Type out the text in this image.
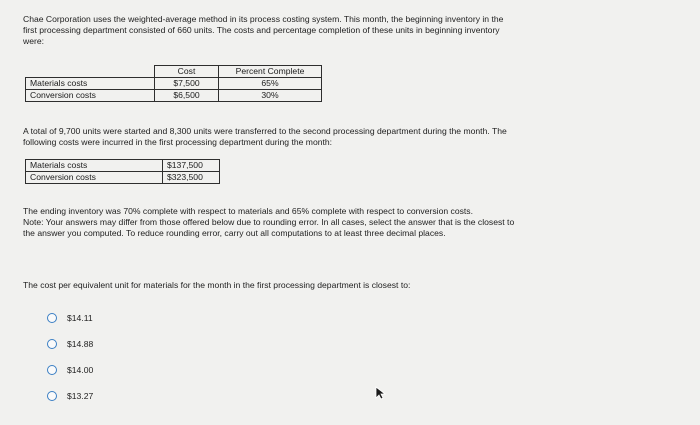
Chae Corporation uses the weighted-average method in its process costing system. This month, the beginning inventory in the first processing department consisted of 660 units. The costs and percentage completion of these units in beginning inventory were:
	Cost	Percent Complete
Materials costs	$7,500	65%
Conversion costs	$6,500	30%
A total of 9,700 units were started and 8,300 units were transferred to the second processing department during the month. The following costs were incurred in the first processing department during the month:
Materials costs	$137,500
Conversion costs	$323,500
The ending inventory was 70% complete with respect to materials and 65% complete with respect to conversion costs.
Note: Your answers may differ from those offered below due to rounding error. In all cases, select the answer that is the closest to the answer you computed. To reduce rounding error, carry out all computations to at least three decimal places.
The cost per equivalent unit for materials for the month in the first processing department is closest to:
$14.11
$14.88
$14.00
$13.27
